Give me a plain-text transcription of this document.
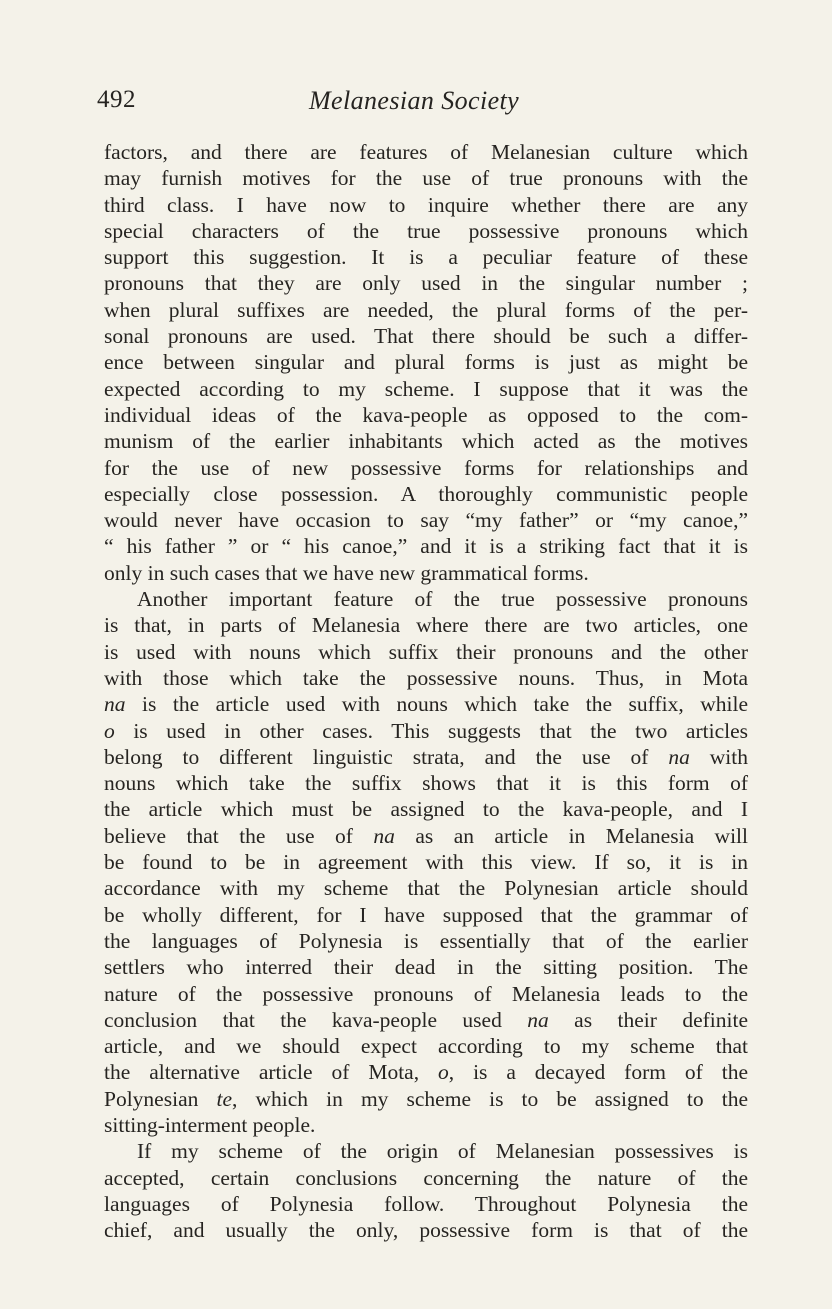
492	Melanesian Society
factors, and there are features of Melanesian culture which
may furnish motives for the use of true pronouns with the
third class. I have now to inquire whether there are any
special characters of the true possessive pronouns which
support this suggestion. It is a peculiar feature of these
pronouns that they are only used in the singular number ;
when plural suffixes are needed, the plural forms of the per-
sonal pronouns are used. That there should be such a differ-
ence between singular and plural forms is just as might be
expected according to my scheme. I suppose that it was the
individual ideas of the kava-people as opposed to the com-
munism of the earlier inhabitants which acted as the motives
for the use of new possessive forms for relationships and
especially close possession. A thoroughly communistic people
would never have occasion to say “my father” or “my canoe,”
“ his father ” or “ his canoe,” and it is a striking fact that it is
only in such cases that we have new grammatical forms.
Another important feature of the true possessive pronouns
is that, in parts of Melanesia where there are two articles, one
is used with nouns which suffix their pronouns and the other
with those which take the possessive nouns. Thus, in Mota
na is the article used with nouns which take the suffix, while
o is used in other cases. This suggests that the two articles
belong to different linguistic strata, and the use of na with
nouns which take the suffix shows that it is this form of
the article which must be assigned to the kava-people, and I
believe that the use of na as an article in Melanesia will
be found to be in agreement with this view. If so, it is in
accordance with my scheme that the Polynesian article should
be wholly different, for I have supposed that the grammar of
the languages of Polynesia is essentially that of the earlier
settlers who interred their dead in the sitting position. The
nature of the possessive pronouns of Melanesia leads to the
conclusion that the kava-people used na as their definite
article, and we should expect according to my scheme that
the alternative article of Mota, o, is a decayed form of the
Polynesian te, which in my scheme is to be assigned to the
sitting-interment people.
If my scheme of the origin of Melanesian possessives is
accepted, certain conclusions concerning the nature of the
languages of Polynesia follow. Throughout Polynesia the
chief, and usually the only, possessive form is that of the
